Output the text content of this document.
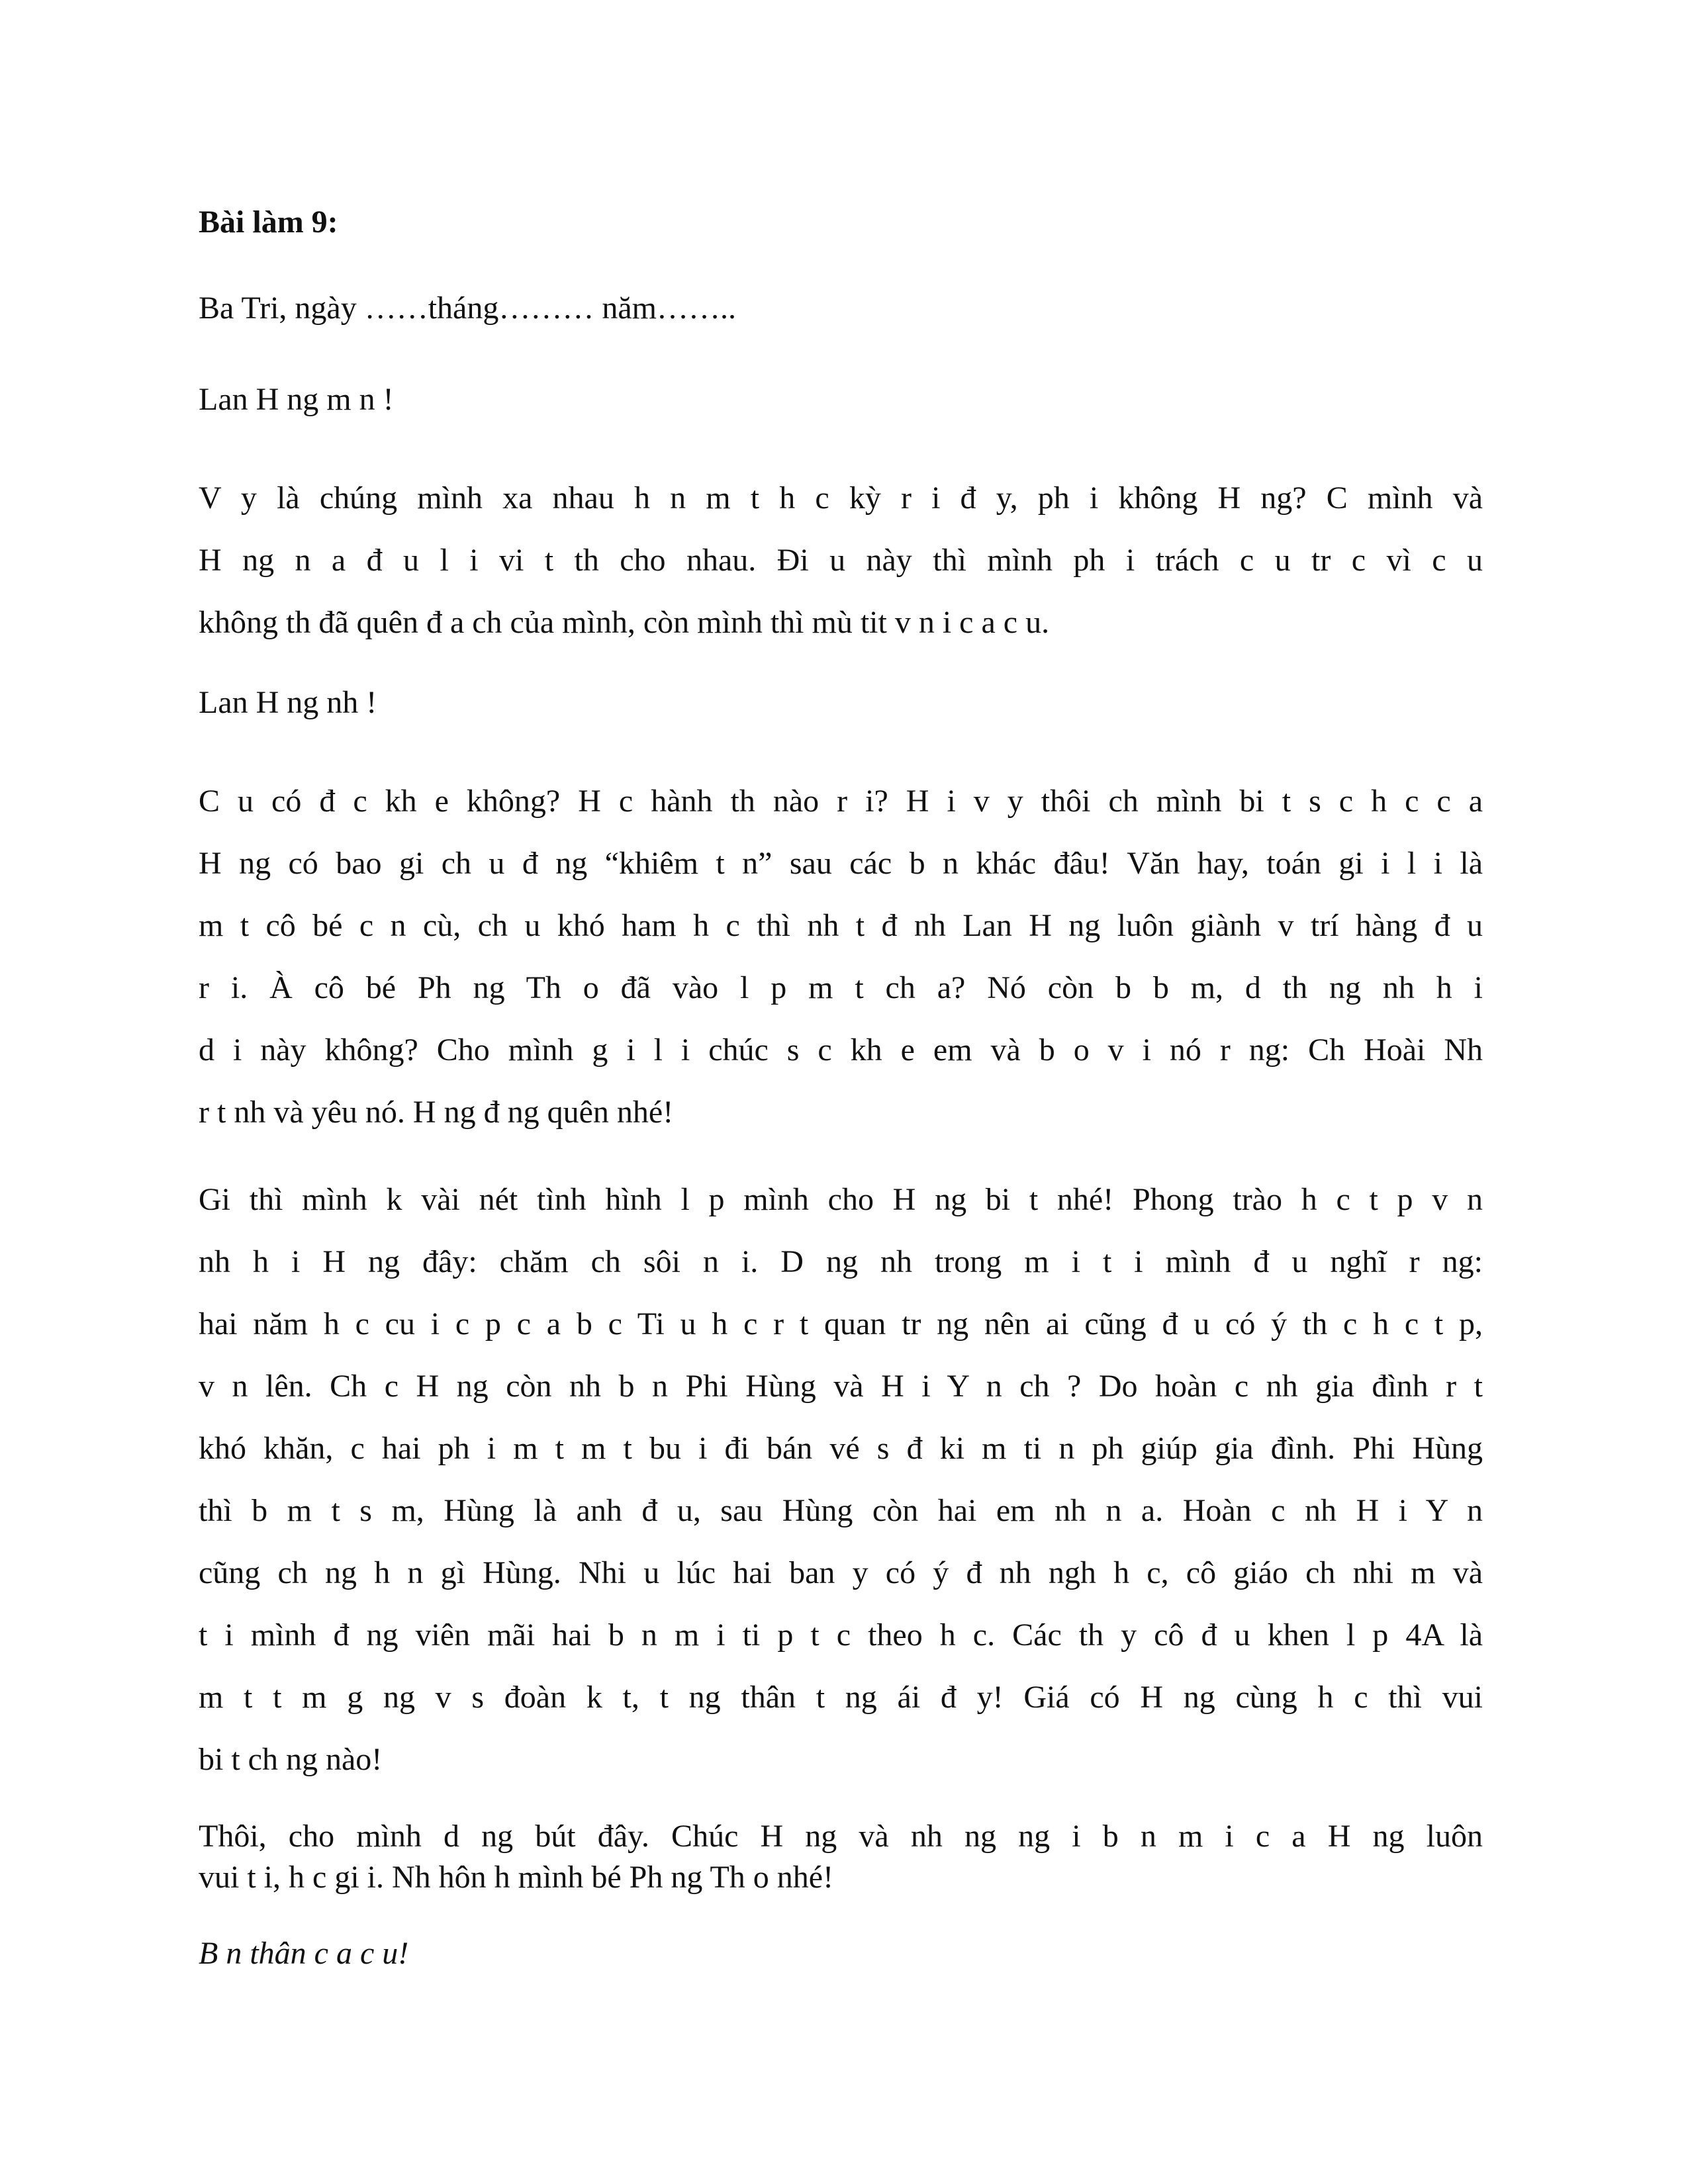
Bài làm 9:
Ba Tri, ngày ……tháng……… năm……..
Lan H ng m n !
V y là chúng mình xa nhau h n m t h c kỳ r i đ y, ph i không H ng? C mình và
H ng n a đ u l i vi t th cho nhau. Đi u này thì mình ph i trách c u tr c vì c u
không th đã quên đ a ch của mình, còn mình thì mù tit v n i c a c u.
Lan H ng nh !
C u có đ c kh e không? H c hành th nào r i? H i v y thôi ch mình bi t s c h c c a
H ng có bao gi ch u đ ng “khiêm t n” sau các b n khác đâu! Văn hay, toán gi i l i là
m t cô bé c n cù, ch u khó ham h c thì nh t đ nh Lan H ng luôn giành v trí hàng đ u
r i. À cô bé Ph ng Th o đã vào l p m t ch a? Nó còn b b m, d th ng nh h i
d i này không? Cho mình g i l i chúc s c kh e em và b o v i nó r ng: Ch Hoài Nh
r t nh và yêu nó. H ng đ ng quên nhé!
Gi thì mình k vài nét tình hình l p mình cho H ng bi t nhé! Phong trào h c t p v n
nh h i H ng đây: chăm ch sôi n i. D ng nh trong m i t i mình đ u nghĩ r ng:
hai năm h c cu i c p c a b c Ti u h c r t quan tr ng nên ai cũng đ u có ý th c h c t p,
v n lên. Ch c H ng còn nh b n Phi Hùng và H i Y n ch ? Do hoàn c nh gia đình r t
khó khăn, c hai ph i m t m t bu i đi bán vé s đ ki m ti n ph giúp gia đình. Phi Hùng
thì b m t s m, Hùng là anh đ u, sau Hùng còn hai em nh n a. Hoàn c nh H i Y n
cũng ch ng h n gì Hùng. Nhi u lúc hai ban y có ý đ nh ngh h c, cô giáo ch nhi m và
t i mình đ ng viên mãi hai b n m i ti p t c theo h c. Các th y cô đ u khen l p 4A là
m t t m g ng v s đoàn k t, t ng thân t ng ái đ y! Giá có H ng cùng h c thì vui
bi t ch ng nào!
Thôi, cho mình d ng bút đây. Chúc H ng và nh ng ng i b n m i c a H ng luôn
vui t i, h c gi i. Nh hôn h mình bé Ph ng Th o nhé!
B n thân c a c u!
